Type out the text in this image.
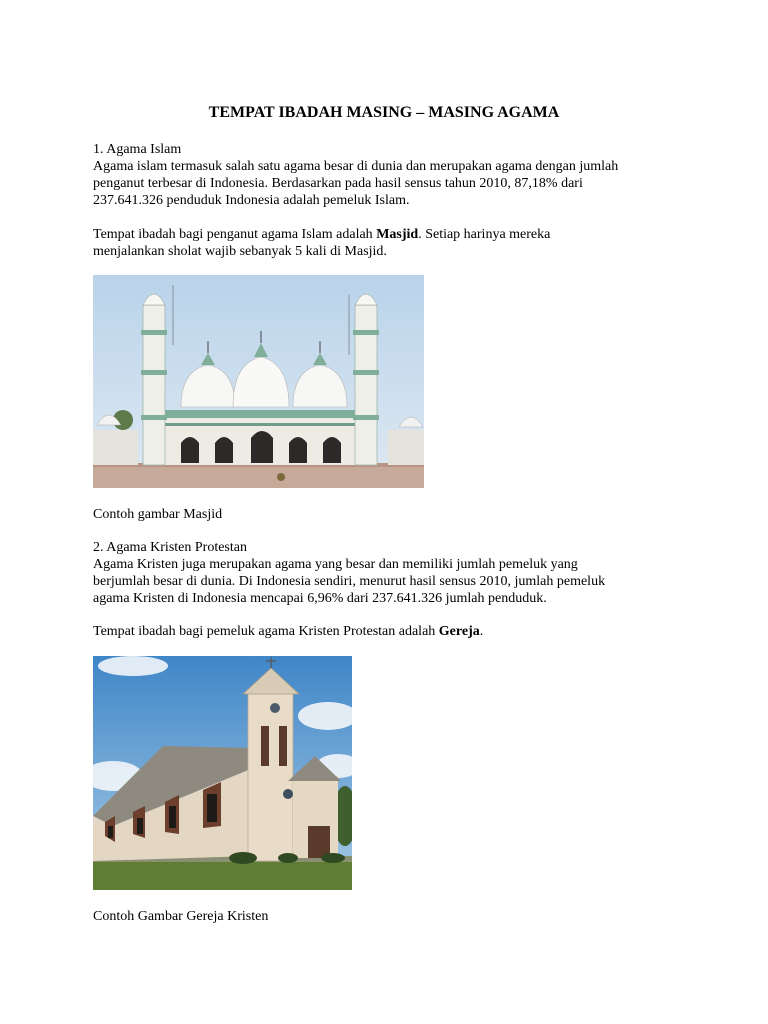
TEMPAT IBADAH MASING – MASING AGAMA

1. Agama Islam

Agama islam termasuk salah satu agama besar di dunia dan merupakan agama dengan jumlah

penganut terbesar di Indonesia. Berdasarkan pada hasil sensus tahun 2010, 87,18% dari

237.641.326 penduduk Indonesia adalah pemeluk Islam.

Tempat ibadah bagi penganut agama Islam adalah Masjid. Setiap harinya mereka

menjalankan sholat wajib sebanyak 5 kali di Masjid.

Contoh gambar Masjid

2. Agama Kristen Protestan

Agama Kristen juga merupakan agama yang besar dan memiliki jumlah pemeluk yang

berjumlah besar di dunia. Di Indonesia sendiri, menurut hasil sensus 2010, jumlah pemeluk

agama Kristen di Indonesia mencapai 6,96% dari 237.641.326 jumlah penduduk.

Tempat ibadah bagi pemeluk agama Kristen Protestan adalah Gereja.

Contoh Gambar Gereja Kristen
